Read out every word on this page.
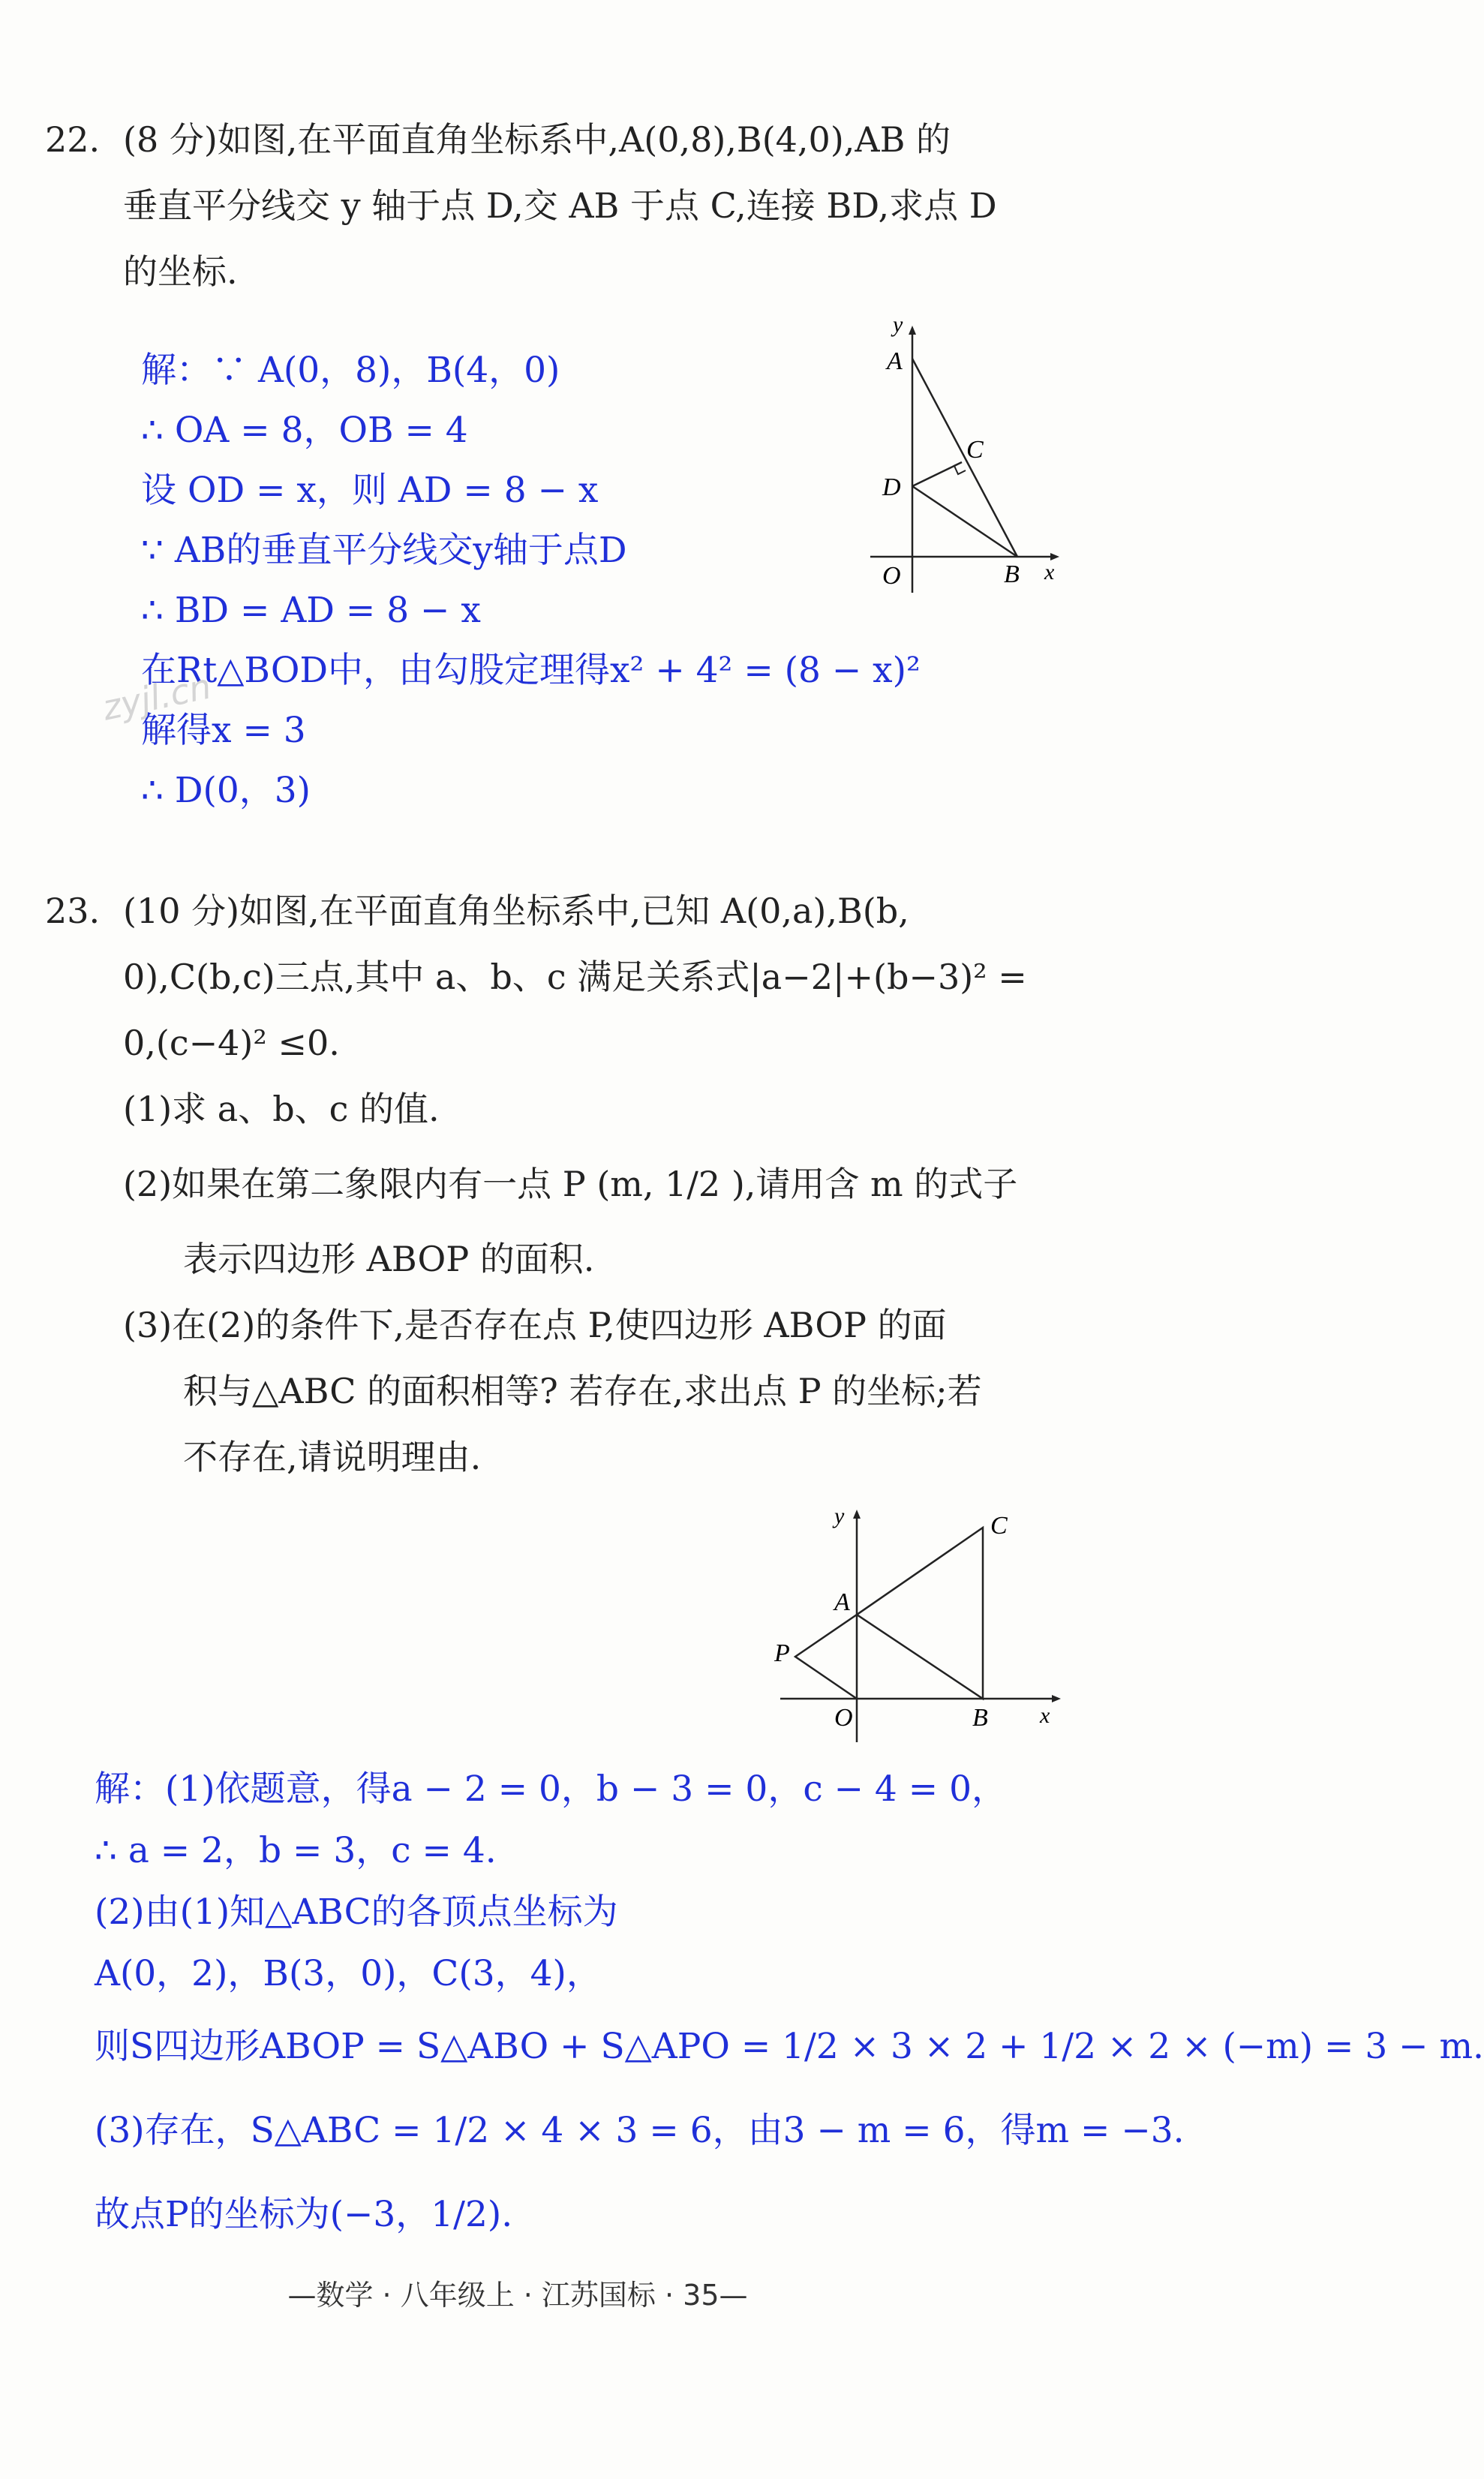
22. (8 分)如图,在平面直角坐标系中,A(0,8),B(4,0),AB 的
垂直平分线交 y 轴于点 D,交 AB 于点 C,连接 BD,求点 D
的坐标.
解：∵ A(0，8)，B(4，0)
∴ OA = 8，OB = 4
设 OD = x，则 AD = 8 − x
∵ AB的垂直平分线交y轴于点D
∴ BD = AD = 8 − x
在Rt△BOD中，由勾股定理得x² + 4² = (8 − x)²
解得x = 3
∴ D(0，3)
zyjl.cn
y
x
A
C
D
O	B
23. (10 分)如图,在平面直角坐标系中,已知 A(0,a),B(b,
0),C(b,c)三点,其中 a、b、c 满足关系式|a−2|+(b−3)² =
0,(c−4)² ≤0.
(1)求 a、b、c 的值.
(2)如果在第二象限内有一点 P (m, 1/2 ),请用含 m 的式子
表示四边形 ABOP 的面积.
(3)在(2)的条件下,是否存在点 P,使四边形 ABOP 的面
积与△ABC 的面积相等? 若存在,求出点 P 的坐标;若
不存在,请说明理由.
y
x
A
C
P
O	B
解：(1)依题意，得a − 2 = 0，b − 3 = 0，c − 4 = 0，
∴ a = 2，b = 3，c = 4.
(2)由(1)知△ABC的各顶点坐标为
A(0，2)，B(3，0)，C(3，4)，
则S四边形ABOP = S△ABO + S△APO = 1/2 × 3 × 2 + 1/2 × 2 × (−m) = 3 − m.
(3)存在，S△ABC = 1/2 × 4 × 3 = 6，由3 − m = 6，得m = −3.
故点P的坐标为(−3，1/2).
—数学 · 八年级上 · 江苏国标 · 35—
